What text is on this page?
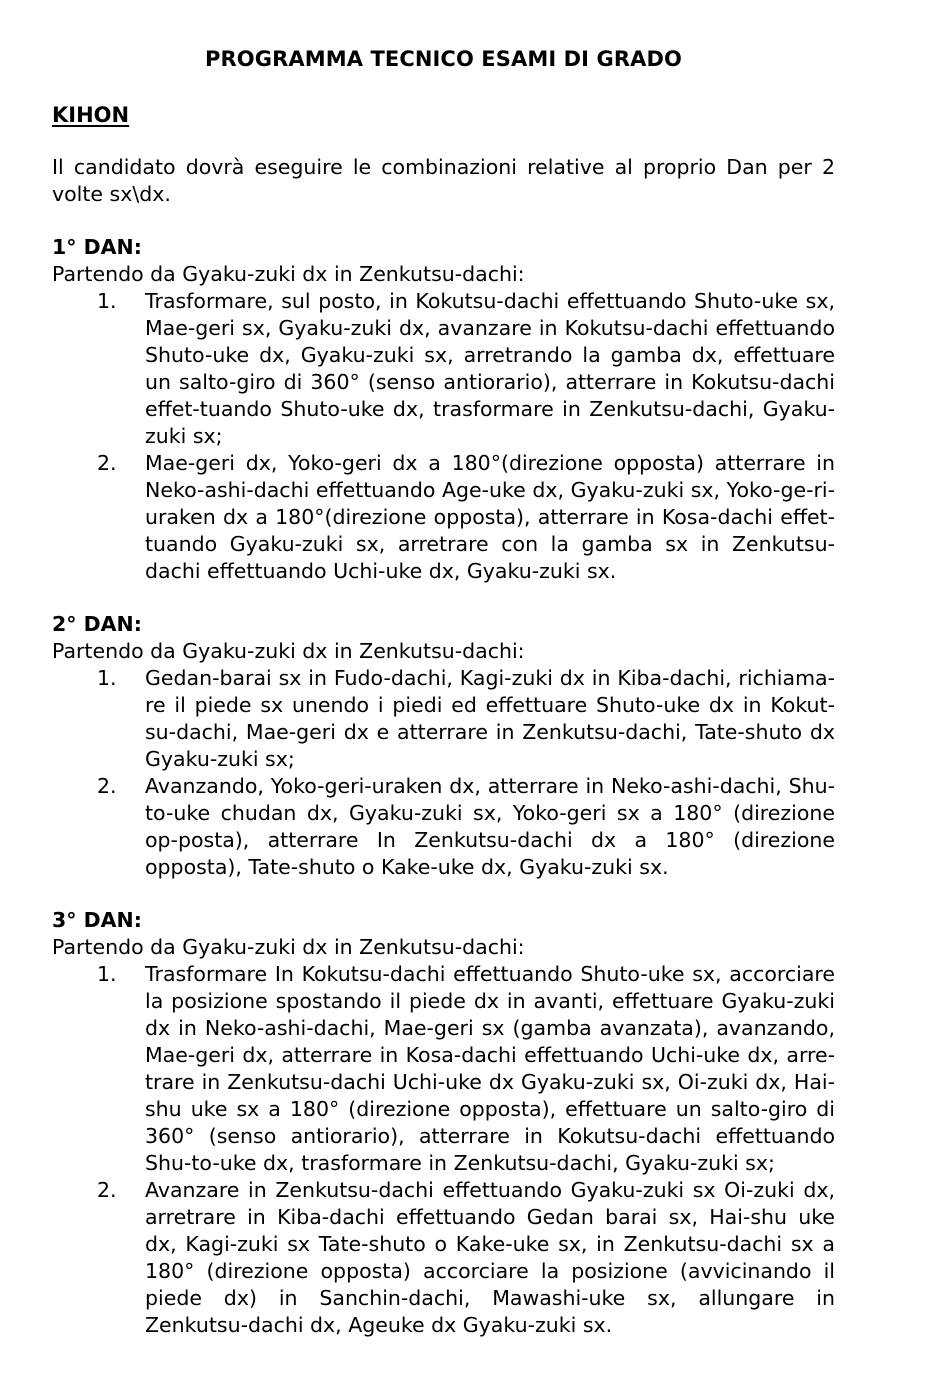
PROGRAMMA TECNICO ESAMI DI GRADO
KIHON

Il candidato dovrà eseguire le combinazioni relative al proprio Dan per 2 volte sx\dx.

1° DAN:

Partendo da Gyaku-zuki dx in Zenkutsu-dachi:

1. Trasformare, sul posto, in Kokutsu-dachi effettuando Shuto-uke sx, Mae-geri sx, Gyaku-zuki dx, avanzare in Kokutsu-dachi effettuando Shuto-uke dx, Gyaku-zuki sx, arretrando la gamba dx, effettuare un salto-giro di 360° (senso antiorario), atterrare in Kokutsu-dachi effet-tuando Shuto-uke dx, trasformare in Zenkutsu-dachi, Gyaku-zuki sx;
2. Mae-geri dx, Yoko-geri dx a 180°(direzione opposta) atterrare in Neko-ashi-dachi effettuando Age-uke dx, Gyaku-zuki sx, Yoko-ge-ri-uraken dx a 180°(direzione opposta), atterrare in Kosa-dachi effet-tuando Gyaku-zuki sx, arretrare con la gamba sx in Zenkutsu-dachi effettuando Uchi-uke dx, Gyaku-zuki sx.

2° DAN:

Partendo da Gyaku-zuki dx in Zenkutsu-dachi:

1. Gedan-barai sx in Fudo-dachi, Kagi-zuki dx in Kiba-dachi, richiama-re il piede sx unendo i piedi ed effettuare Shuto-uke dx in Kokut-su-dachi, Mae-geri dx e atterrare in Zenkutsu-dachi, Tate-shuto dx Gyaku-zuki sx;
2. Avanzando, Yoko-geri-uraken dx, atterrare in Neko-ashi-dachi, Shu-to-uke chudan dx, Gyaku-zuki sx, Yoko-geri sx a 180° (direzione op-posta), atterrare In Zenkutsu-dachi dx a 180° (direzione opposta), Tate-shuto o Kake-uke dx, Gyaku-zuki sx.

3° DAN:

Partendo da Gyaku-zuki dx in Zenkutsu-dachi:

1. Trasformare In Kokutsu-dachi effettuando Shuto-uke sx, accorciare la posizione spostando il piede dx in avanti, effettuare Gyaku-zuki dx in Neko-ashi-dachi, Mae-geri sx (gamba avanzata), avanzando, Mae-geri dx, atterrare in Kosa-dachi effettuando Uchi-uke dx, arre-trare in Zenkutsu-dachi Uchi-uke dx Gyaku-zuki sx, Oi-zuki dx, Hai-shu uke sx a 180° (direzione opposta), effettuare un salto-giro di 360° (senso antiorario), atterrare in Kokutsu-dachi effettuando Shu-to-uke dx, trasformare in Zenkutsu-dachi, Gyaku-zuki sx;
2. Avanzare in Zenkutsu-dachi effettuando Gyaku-zuki sx Oi-zuki dx, arretrare in Kiba-dachi effettuando Gedan barai sx, Hai-shu uke dx, Kagi-zuki sx Tate-shuto o Kake-uke sx, in Zenkutsu-dachi sx a 180° (direzione opposta) accorciare la posizione (avvicinando il piede dx) in Sanchin-dachi, Mawashi-uke sx, allungare in Zenkutsu-dachi dx, Ageuke dx Gyaku-zuki sx.
